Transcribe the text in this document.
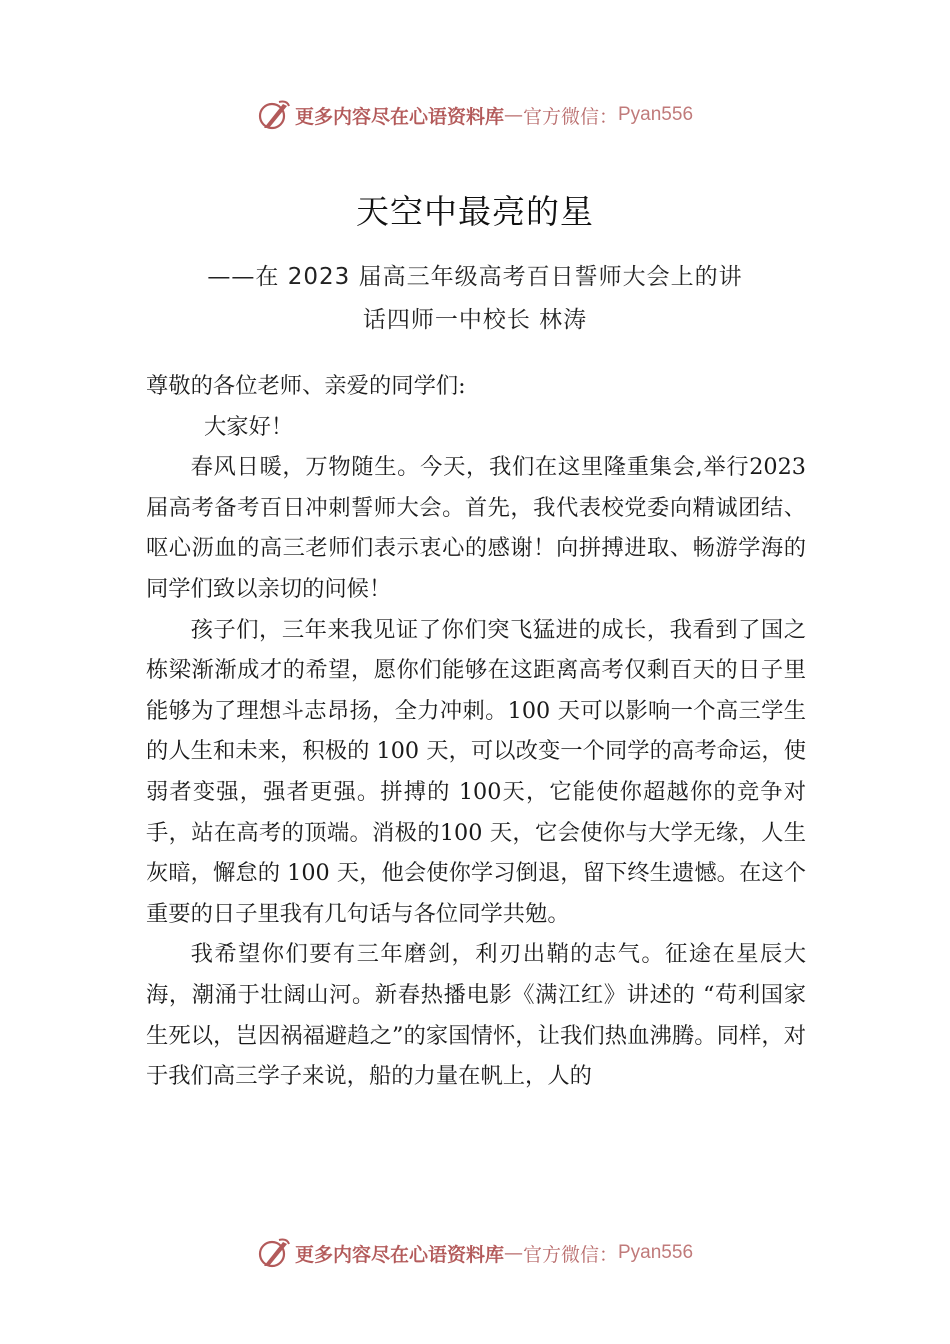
更多内容尽在心语资料库 — 官方微信： Pyan556
天空中最亮的星
——在 2023 届高三年级高考百日誓师大会上的讲
话四师一中校长 林涛

尊敬的各位老师、亲爱的同学们:

大家好！

春风日暖，万物随生。今天，我们在这里隆重集会,举行2023 届高考备考百日冲刺誓师大会。首先，我代表校党委向精诚团结、呕心沥血的高三老师们表示衷心的感谢！向拼搏进取、畅游学海的同学们致以亲切的问候！

孩子们，三年来我见证了你们突飞猛进的成长，我看到了国之栋梁渐渐成才的希望，愿你们能够在这距离高考仅剩百天的日子里能够为了理想斗志昂扬，全力冲刺。100 天可以影响一个高三学生的人生和未来，积极的 100 天，可以改变一个同学的高考命运，使弱者变强，强者更强。拼搏的 100天，它能使你超越你的竞争对手，站在高考的顶端。消极的100 天，它会使你与大学无缘，人生灰暗，懈怠的 100 天，他会使你学习倒退，留下终生遗憾。在这个重要的日子里我有几句话与各位同学共勉。

我希望你们要有三年磨剑，利刃出鞘的志气。征途在星辰大海，潮涌于壮阔山河。新春热播电影《满江红》讲述的 “苟利国家生死以，岂因祸福避趋之”的家国情怀，让我们热血沸腾。同样，对于我们高三学子来说，船的力量在帆上，人的

更多内容尽在心语资料库 — 官方微信： Pyan556
